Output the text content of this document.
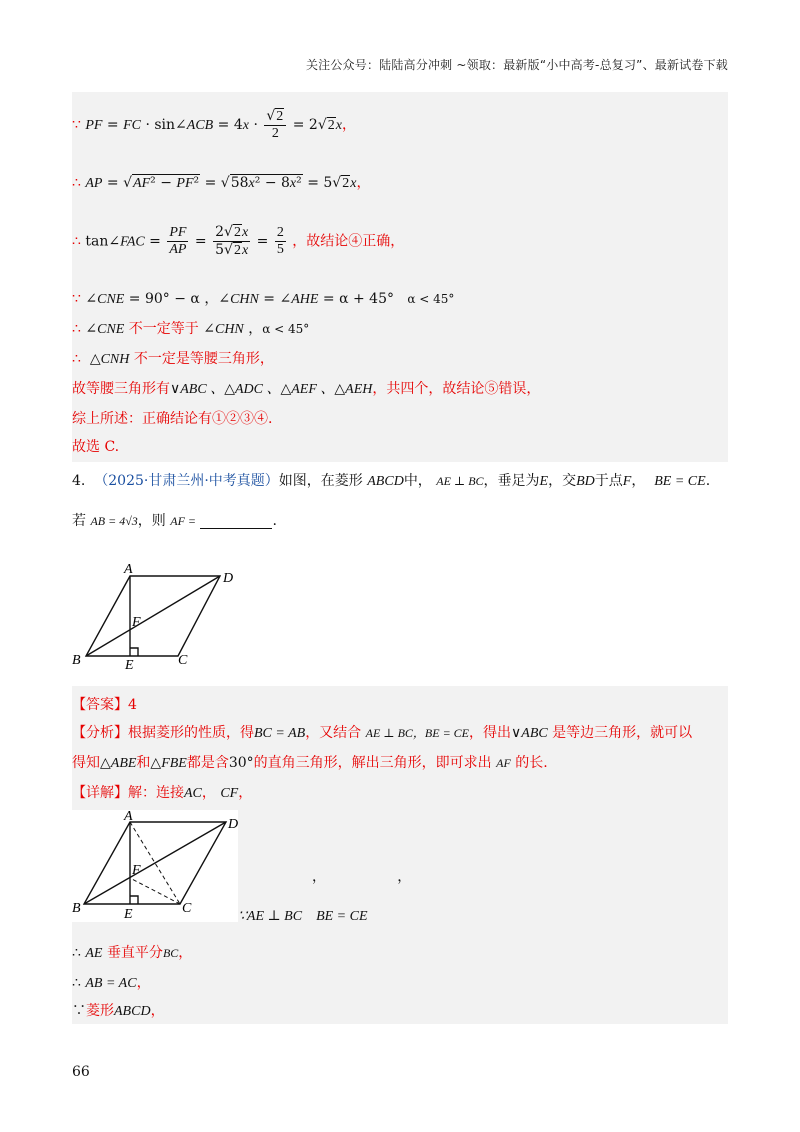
关注公众号：陆陆高分冲刺 ~领取：最新版“小中高考-总复习”、最新试卷下载
∵ PF = FC · sin∠ACB = $4x \cdot \frac{√2}{2} = 2√2x$，
∴ AP = √AF² − PF² = √58x² − 8x² = 5√2x，
∴ tan∠FAC = $\frac{PF}{AP} = \frac{2√2x}{5√2x} = \frac{2}{5}$ ，故结论④正确，
∵ ∠CNE = 90° − α ，∠CHN = ∠AHE = α + 45°   α < 45°
∴ ∠CNE 不一定等于 ∠CHN ，α < 45°
∴  △CNH 不一定是等腰三角形，
故等腰三角形有∨ABC 、△ADC 、△AEF 、△AEH，共四个，故结论⑤错误，
综上所述：正确结论有①②③④.
故选 C.
4. （2025·甘肃兰州·中考真题）如图，在菱形 ABCD中， AE ⊥ BC，垂足为E，交BD于点F， BE = CE.
若 AB = 4√3，则 AF =	.
A
D
F
B	E	C
【答案】4
【分析】根据菱形的性质，得BC = AB，又结合 AE ⊥ BC，BE = CE，得出∨ABC 是等边三角形，就可以
得知△ABE和△FBE都是含30°的直角三角形，解出三角形，即可求出 AF 的长.
【详解】解：连接AC， CF，
A
D
F
B	E	C
，                ，
∵AE ⊥ BC    BE = CE
∴ AE 垂直平分BC，
∴ AB = AC，
∵菱形ABCD，
66
